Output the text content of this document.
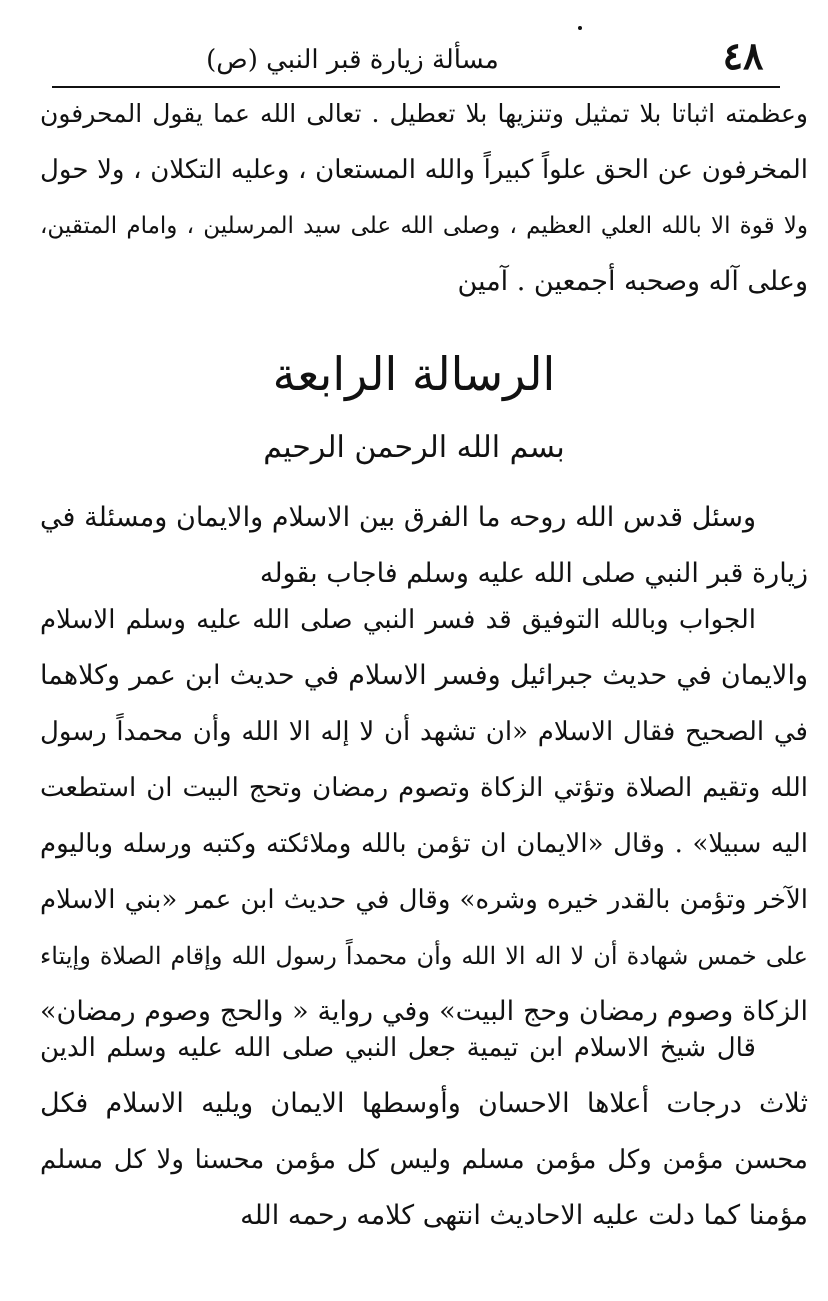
٤٨
مسألة زيارة قبر النبي (ص)
وعظمته اثباتا بلا تمثيل وتنزيها بلا تعطيل . تعالى الله عما يقول المحرفون
المخرفون عن الحق علواً كبيراً والله المستعان ، وعليه التكلان ، ولا حول
ولا قوة الا بالله العلي العظيم ، وصلى الله على سيد المرسلين ، وامام المتقين،
وعلى آله وصحبه أجمعين . آمين
الرسالة الرابعة
بسم الله الرحمن الرحيم
وسئل قدس الله روحه ما الفرق بين الاسلام والايمان ومسئلة في
زيارة قبر النبي صلى الله عليه وسلم فاجاب بقوله
الجواب وبالله التوفيق قد فسر النبي صلى الله عليه وسلم الاسلام
والايمان في حديث جبرائيل وفسر الاسلام في حديث ابن عمر وكلاهما
في الصحيح فقال الاسلام «ان تشهد أن لا إله الا الله وأن محمداً رسول
الله وتقيم الصلاة وتؤتي الزكاة وتصوم رمضان وتحج البيت ان استطعت
اليه سبيلا» . وقال «الايمان ان تؤمن بالله وملائكته وكتبه ورسله وباليوم
الآخر وتؤمن بالقدر خيره وشره» وقال في حديث ابن عمر «بني الاسلام
على خمس شهادة أن لا اله الا الله وأن محمداً رسول الله وإقام الصلاة وإيتاء
الزكاة وصوم رمضان وحج البيت» وفي رواية « والحج وصوم رمضان»
قال شيخ الاسلام ابن تيمية جعل النبي صلى الله عليه وسلم الدين
ثلاث درجات أعلاها الاحسان وأوسطها الايمان ويليه الاسلام فكل
محسن مؤمن وكل مؤمن مسلم وليس كل مؤمن محسنا ولا كل مسلم
مؤمنا كما دلت عليه الاحاديث انتهى كلامه رحمه الله
